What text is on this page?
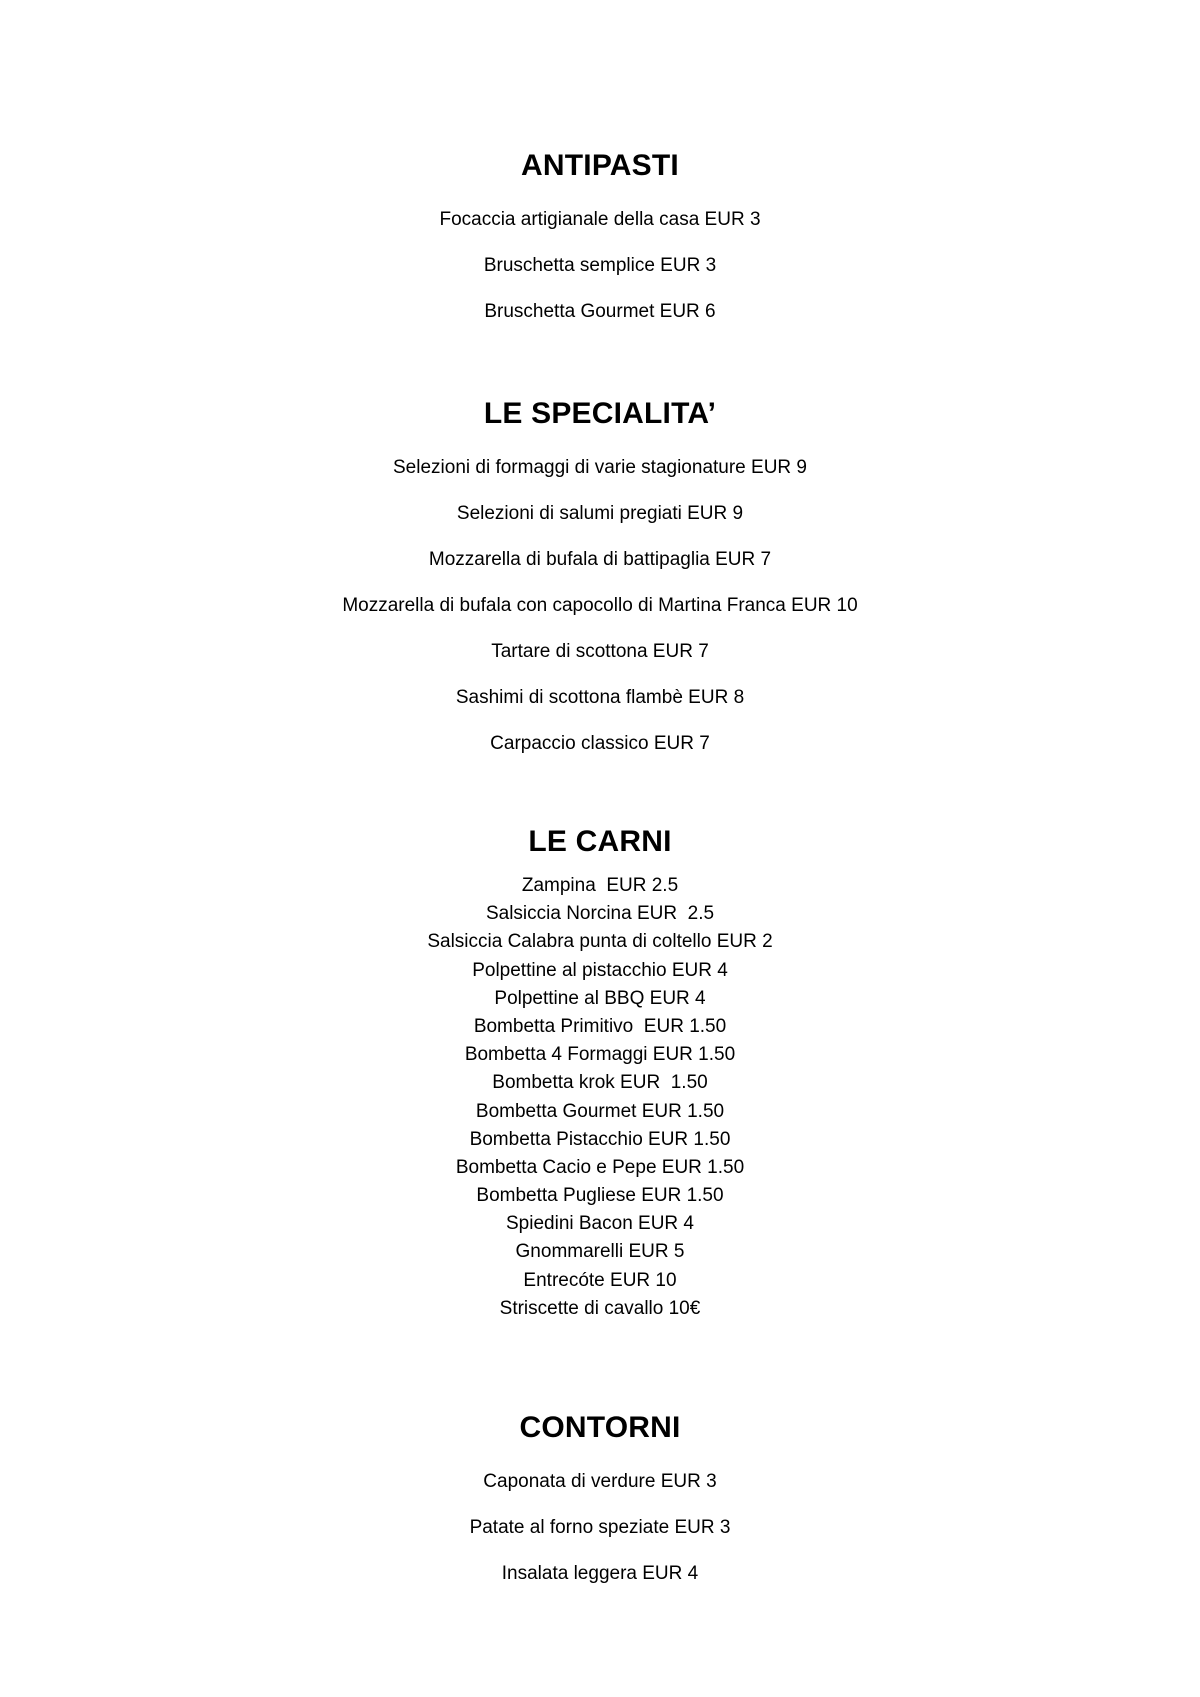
ANTIPASTI
Focaccia artigianale della casa EUR 3
Bruschetta semplice EUR 3
Bruschetta Gourmet EUR 6
LE SPECIALITA’
Selezioni di formaggi di varie stagionature EUR 9
Selezioni di salumi pregiati EUR 9
Mozzarella di bufala di battipaglia EUR 7
Mozzarella di bufala con capocollo di Martina Franca EUR 10
Tartare di scottona EUR 7
Sashimi di scottona flambè EUR 8
Carpaccio classico EUR 7
LE CARNI
Zampina  EUR 2.5
Salsiccia Norcina EUR  2.5
Salsiccia Calabra punta di coltello EUR 2
Polpettine al pistacchio EUR 4
Polpettine al BBQ EUR 4
Bombetta Primitivo  EUR 1.50
Bombetta 4 Formaggi EUR 1.50
Bombetta krok EUR  1.50
Bombetta Gourmet EUR 1.50
Bombetta Pistacchio EUR 1.50
Bombetta Cacio e Pepe EUR 1.50
Bombetta Pugliese EUR 1.50
Spiedini Bacon EUR 4
Gnommarelli EUR 5
Entrecóte EUR 10
Striscette di cavallo 10€
CONTORNI
Caponata di verdure EUR 3
Patate al forno speziate EUR 3
Insalata leggera EUR 4
